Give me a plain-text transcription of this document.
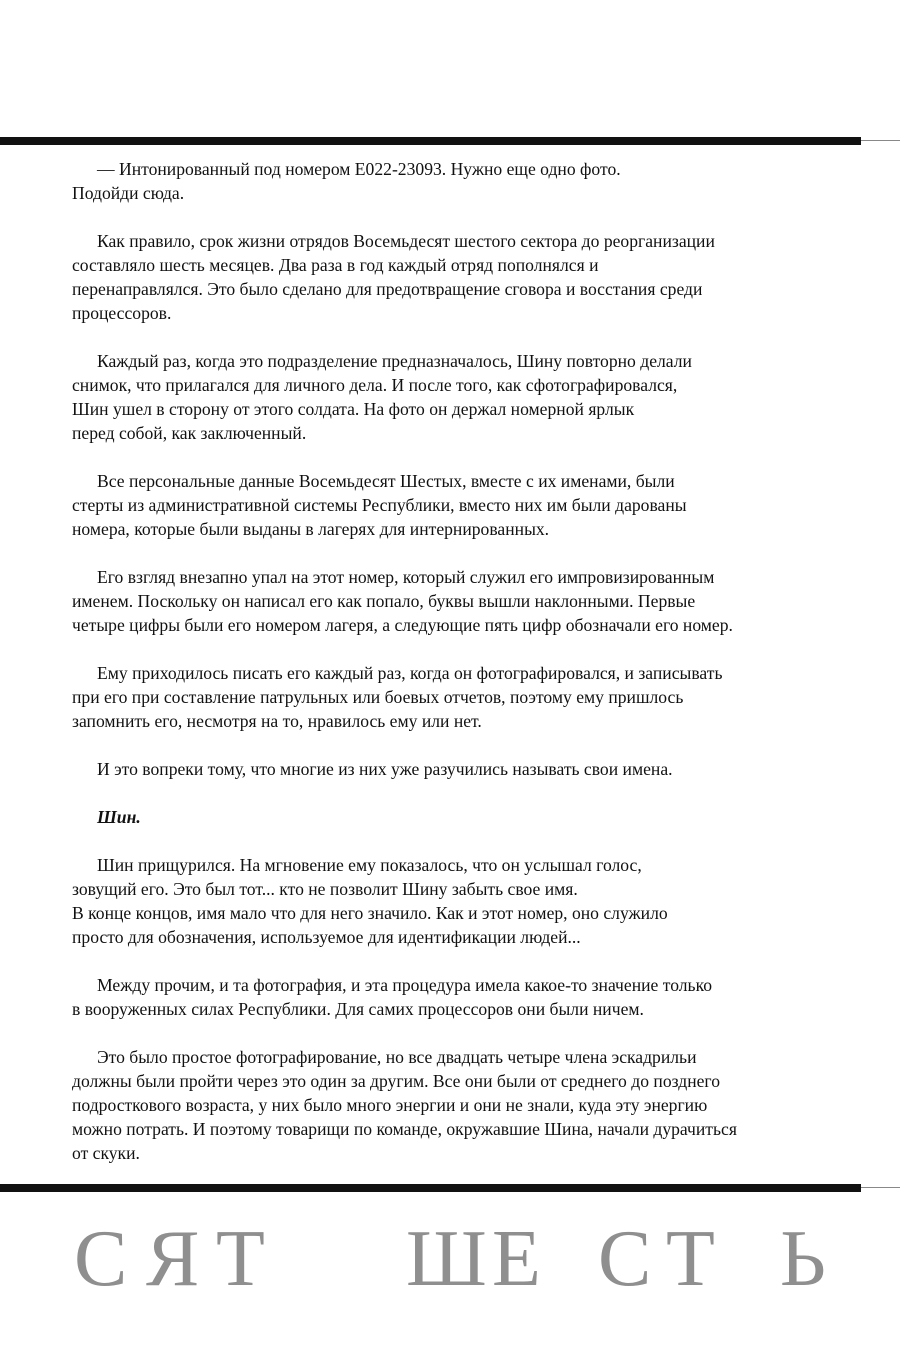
— Интонированный под номером E022-23093. Нужно еще одно фото.
Подойди сюда.

Как правило, срок жизни отрядов Восемьдесят шестого сектора до реорганизации
составляло шесть месяцев. Два раза в год каждый отряд пополнялся и
перенаправлялся. Это было сделано для предотвращение сговора и восстания среди
процессоров.

Каждый раз, когда это подразделение предназначалось, Шину повторно делали
снимок, что прилагался для личного дела. И после того, как сфотографировался,
Шин ушел в сторону от этого солдата. На фото он держал номерной ярлык
перед собой, как заключенный.

Все персональные данные Восемьдесят Шестых, вместе с их именами, были
стерты из административной системы Республики, вместо них им были дарованы
номера, которые были выданы в лагерях для интернированных.

Его взгляд внезапно упал на этот номер, который служил его импровизированным
именем. Поскольку он написал его как попало, буквы вышли наклонными. Первые
четыре цифры были его номером лагеря, а следующие пять цифр обозначали его номер.

Ему приходилось писать его каждый раз, когда он фотографировался, и записывать
при его при составление патрульных или боевых отчетов, поэтому ему пришлось
запомнить его, несмотря на то, нравилось ему или нет.

И это вопреки тому, что многие из них уже разучились называть свои имена.

Шин.

Шин прищурился. На мгновение ему показалось, что он услышал голос,
зовущий его. Это был тот... кто не позволит Шину забыть свое имя.
В конце концов, имя мало что для него значило. Как и этот номер, оно служило
просто для обозначения, используемое для идентификации людей...

Между прочим, и та фотография, и эта процедура имела какое-то значение только
в вооруженных силах Республики. Для самих процессоров они были ничем.

Это было простое фотографирование, но все двадцать четыре члена эскадрильи
должны были пройти через это один за другим. Все они были от среднего до позднего
подросткового возраста, у них было много энергии и они не знали, куда эту энергию
можно потрать. И поэтому товарищи по команде, окружавшие Шина, начали дурачиться
от скуки.

С Я Т Ш Е С Т Ь
